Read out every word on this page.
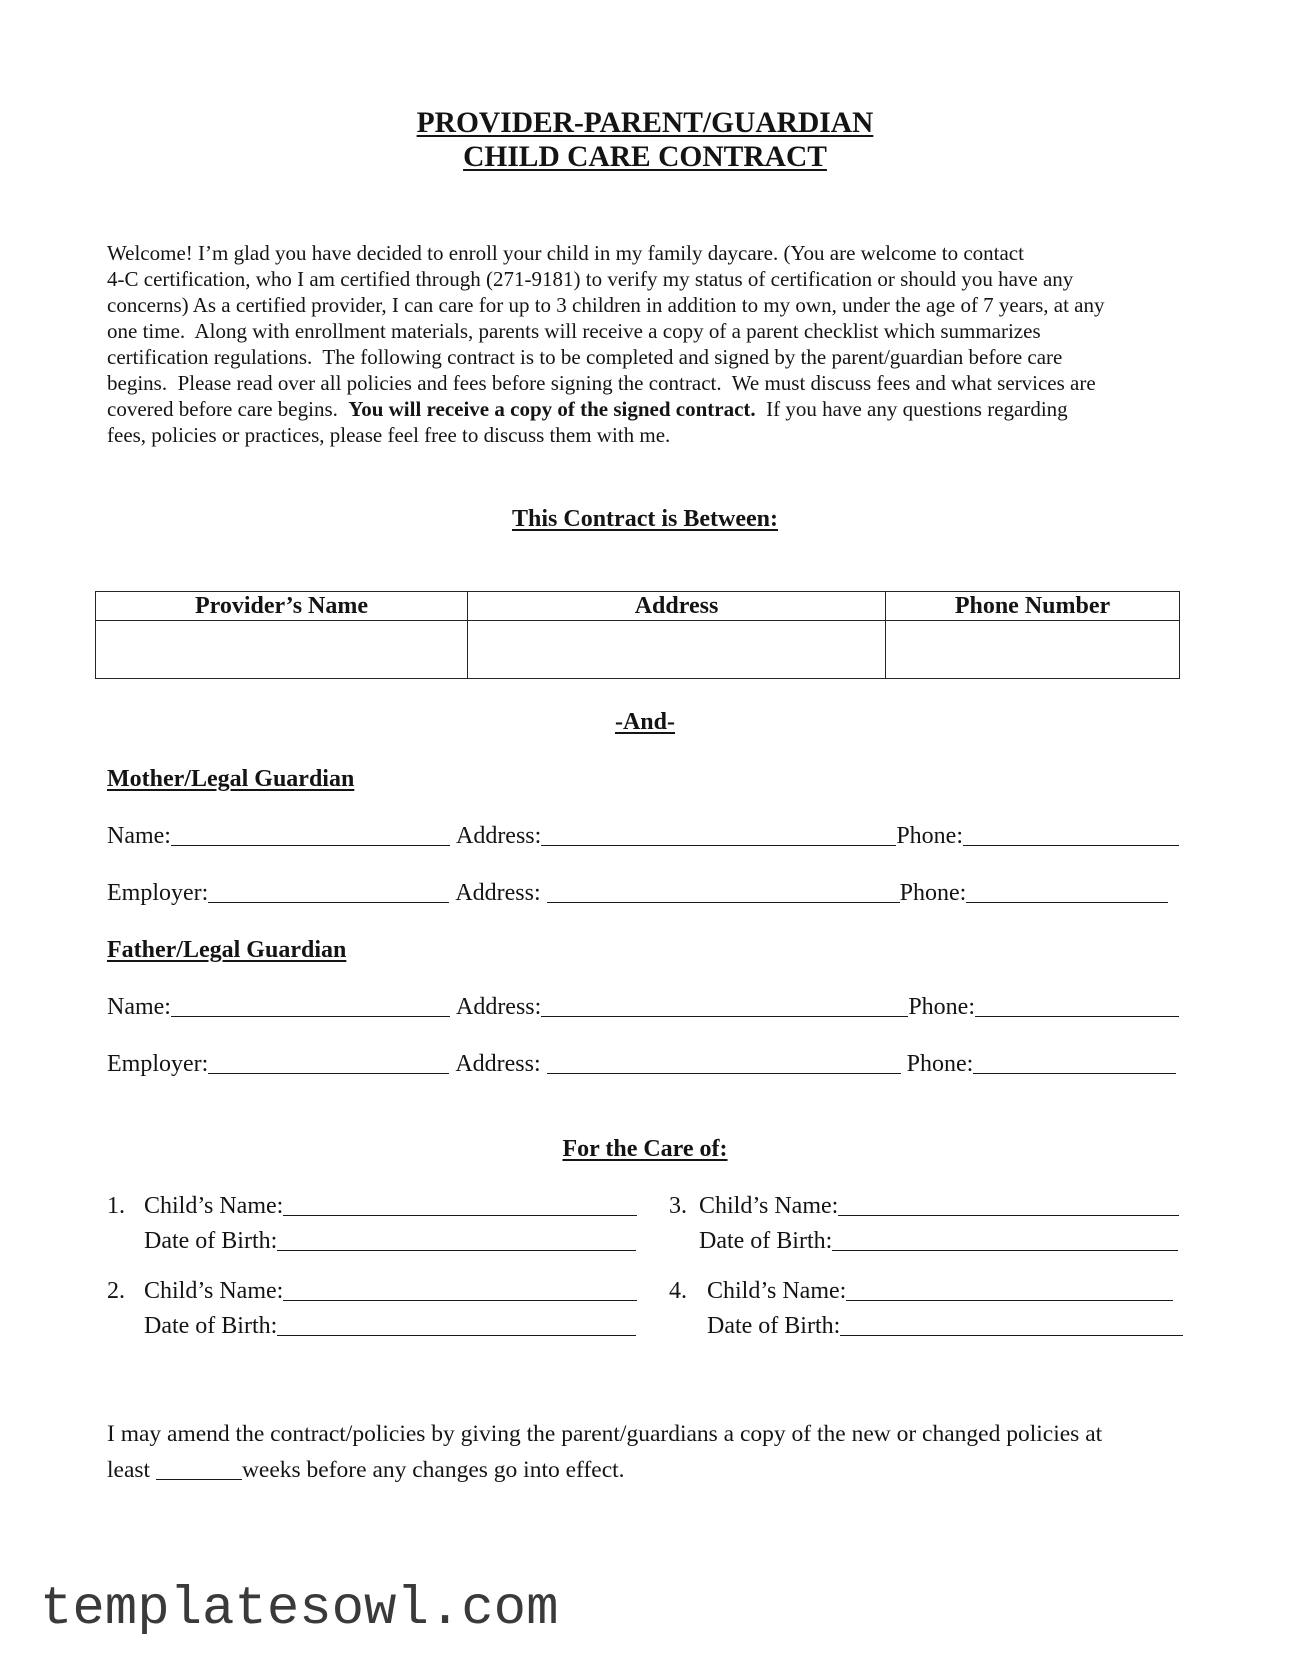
PROVIDER-PARENT/GUARDIAN
CHILD CARE CONTRACT
Welcome! I’m glad you have decided to enroll your child in my family daycare. (You are welcome to contact
4-C certification, who I am certified through (271-9181) to verify my status of certification or should you have any
concerns) As a certified provider, I can care for up to 3 children in addition to my own, under the age of 7 years, at any
one time.  Along with enrollment materials, parents will receive a copy of a parent checklist which summarizes
certification regulations.  The following contract is to be completed and signed by the parent/guardian before care
begins.  Please read over all policies and fees before signing the contract.  We must discuss fees and what services are
covered before care begins.  You will receive a copy of the signed contract.  If you have any questions regarding
fees, policies or practices, please feel free to discuss them with me.
This Contract is Between:
Provider’s Name	Address	Phone Number

-And-
Mother/Legal Guardian
Name:	Address:	Phone:
Employer:	Address:	Phone:
Father/Legal Guardian
Name:	Address:	Phone:
Employer:	Address:	Phone:
For the Care of:
1. Child’s Name:
Date of Birth:
3. Child’s Name:
Date of Birth:
2. Child’s Name:
Date of Birth:
4. Child’s Name:
Date of Birth:
I may amend the contract/policies by giving the parent/guardians a copy of the new or changed policies at
least	weeks before any changes go into effect.
templatesowl.com
